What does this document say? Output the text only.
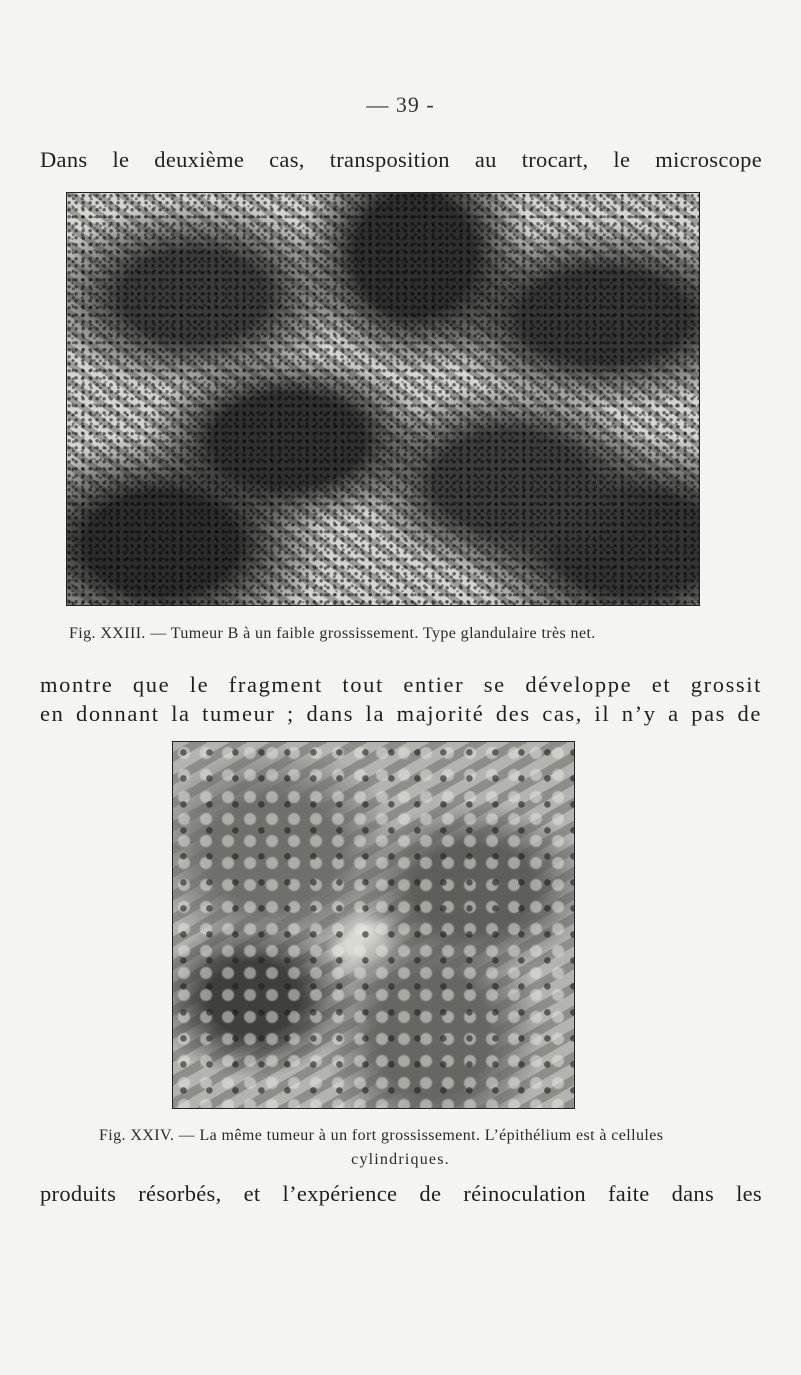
— 39 -
Dans le deuxième cas, transposition au trocart, le microscope
Fig. XXIII. — Tumeur B à un faible grossissement. Type glandulaire très net.
montre que le fragment tout entier se développe et grossit
en donnant la tumeur ; dans la majorité des cas, il n’y a pas de
Fig. XXIV. — La même tumeur à un fort grossissement. L’épithélium est à cellules
cylindriques.
produits résorbés, et l’expérience de réinoculation faite dans les
